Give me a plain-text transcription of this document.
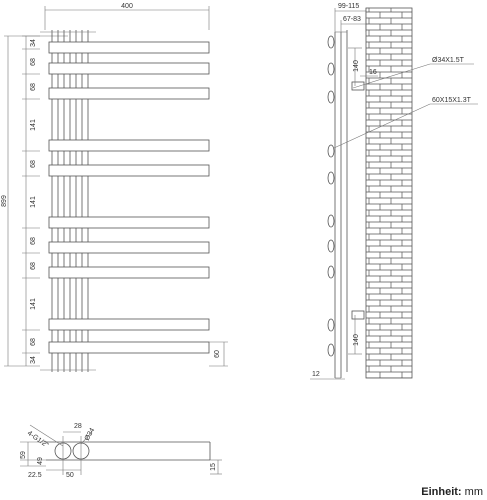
400
899
34
68
68
141
68
141
68
68
141
68
34
60
99-115
67-83
140
140
16
Ø34X1.5T
60X15X1.3T
12
28
Ø34
4-G1/2"
59
49
22.5	50
15
Einheit: mm
